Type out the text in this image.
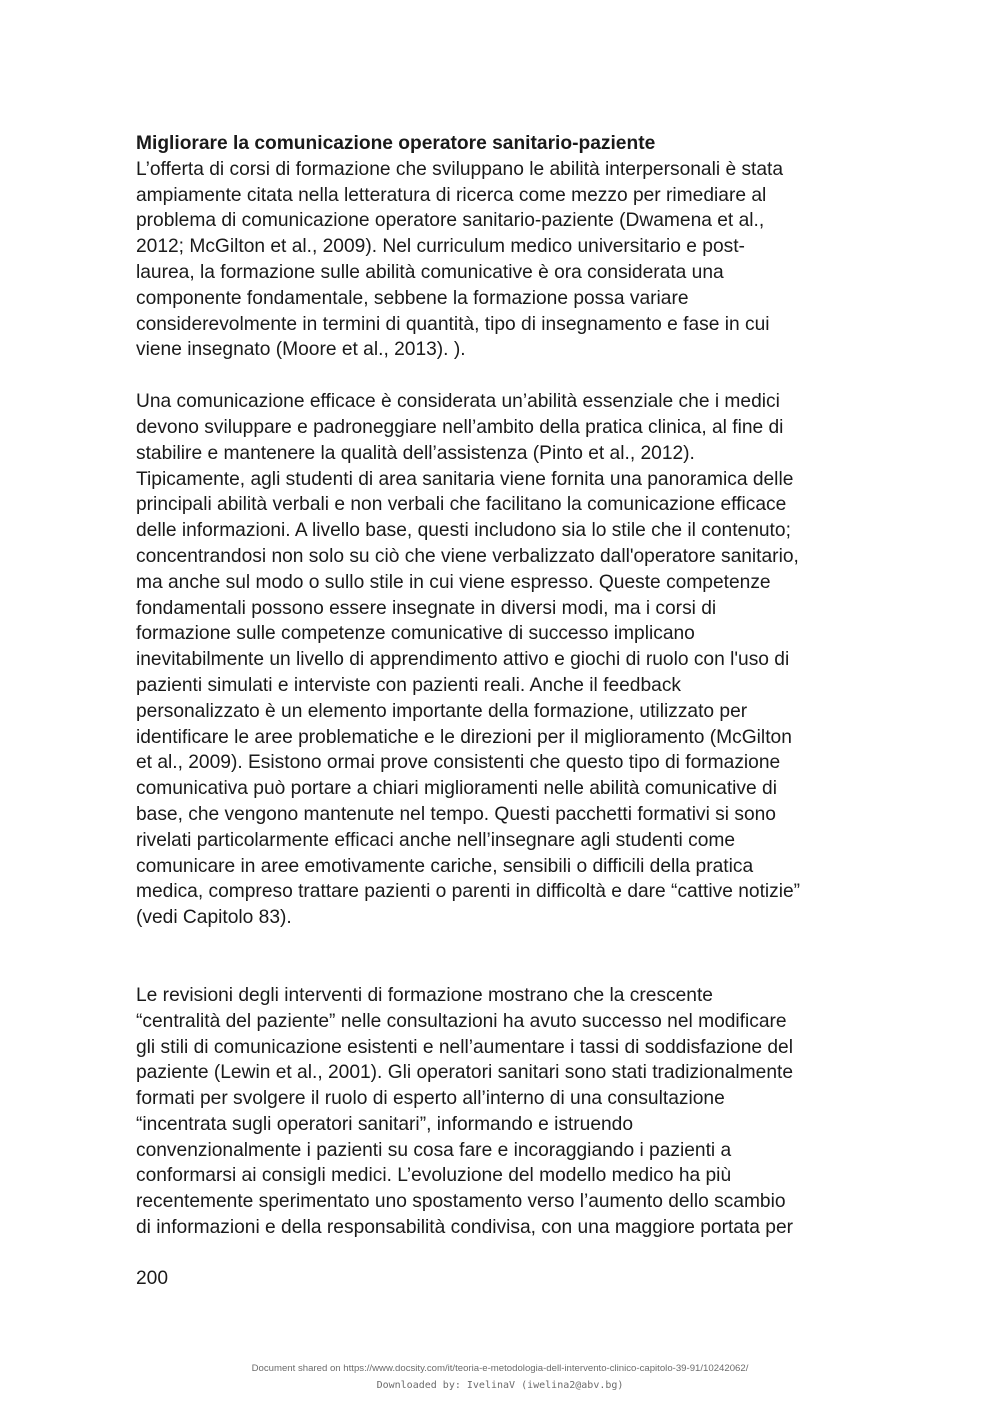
Migliorare la comunicazione operatore sanitario-paziente
L’offerta di corsi di formazione che sviluppano le abilità interpersonali è stata
ampiamente citata nella letteratura di ricerca come mezzo per rimediare al
problema di comunicazione operatore sanitario-paziente (Dwamena et al.,
2012; McGilton et al., 2009). Nel curriculum medico universitario e post-
laurea, la formazione sulle abilità comunicative è ora considerata una
componente fondamentale, sebbene la formazione possa variare
considerevolmente in termini di quantità, tipo di insegnamento e fase in cui
viene insegnato (Moore et al., 2013). ).
Una comunicazione efficace è considerata un’abilità essenziale che i medici
devono sviluppare e padroneggiare nell’ambito della pratica clinica, al fine di
stabilire e mantenere la qualità dell’assistenza (Pinto et al., 2012).
Tipicamente, agli studenti di area sanitaria viene fornita una panoramica delle
principali abilità verbali e non verbali che facilitano la comunicazione efficace
delle informazioni. A livello base, questi includono sia lo stile che il contenuto;
concentrandosi non solo su ciò che viene verbalizzato dall'operatore sanitario,
ma anche sul modo o sullo stile in cui viene espresso. Queste competenze
fondamentali possono essere insegnate in diversi modi, ma i corsi di
formazione sulle competenze comunicative di successo implicano
inevitabilmente un livello di apprendimento attivo e giochi di ruolo con l'uso di
pazienti simulati e interviste con pazienti reali. Anche il feedback
personalizzato è un elemento importante della formazione, utilizzato per
identificare le aree problematiche e le direzioni per il miglioramento (McGilton
et al., 2009). Esistono ormai prove consistenti che questo tipo di formazione
comunicativa può portare a chiari miglioramenti nelle abilità comunicative di
base, che vengono mantenute nel tempo. Questi pacchetti formativi si sono
rivelati particolarmente efficaci anche nell’insegnare agli studenti come
comunicare in aree emotivamente cariche, sensibili o difficili della pratica
medica, compreso trattare pazienti o parenti in difficoltà e dare “cattive notizie”
(vedi Capitolo 83).
Le revisioni degli interventi di formazione mostrano che la crescente
“centralità del paziente” nelle consultazioni ha avuto successo nel modificare
gli stili di comunicazione esistenti e nell’aumentare i tassi di soddisfazione del
paziente (Lewin et al., 2001). Gli operatori sanitari sono stati tradizionalmente
formati per svolgere il ruolo di esperto all’interno di una consultazione
“incentrata sugli operatori sanitari”, informando e istruendo
convenzionalmente i pazienti su cosa fare e incoraggiando i pazienti a
conformarsi ai consigli medici. L’evoluzione del modello medico ha più
recentemente sperimentato uno spostamento verso l’aumento dello scambio
di informazioni e della responsabilità condivisa, con una maggiore portata per
200
Document shared on https://www.docsity.com/it/teoria-e-metodologia-dell-intervento-clinico-capitolo-39-91/10242062/
Downloaded by: IvelinaV (iwelina2@abv.bg)
